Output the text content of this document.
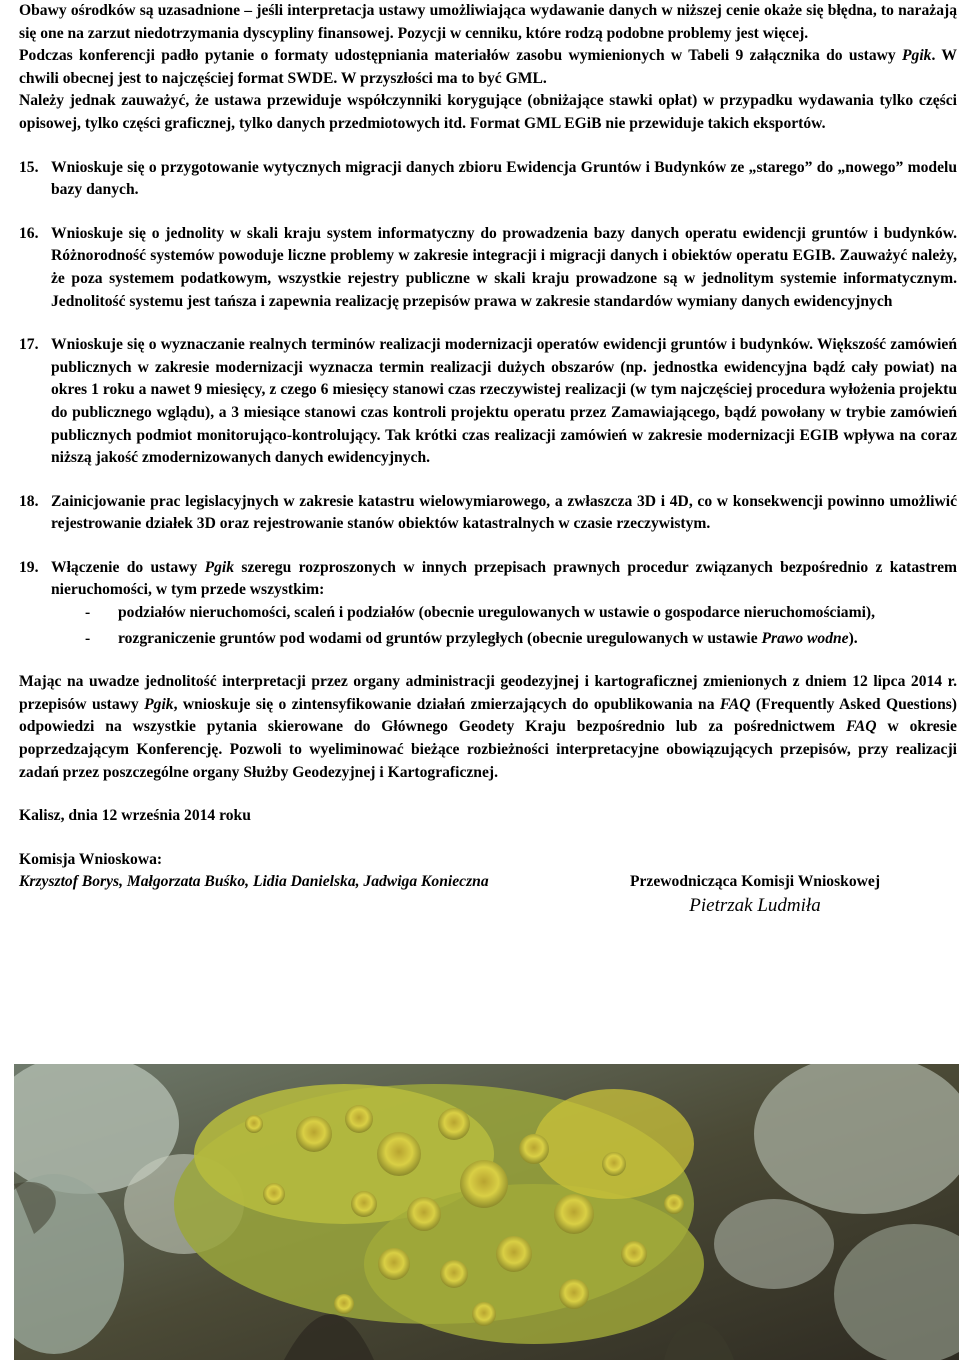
Obawy ośrodków są uzasadnione – jeśli interpretacja ustawy umożliwiająca wydawanie danych w niższej cenie okaże się błędna, to narażają się one na zarzut niedotrzymania dyscypliny finansowej. Pozycji w cenniku, które rodzą podobne problemy jest więcej.

Podczas konferencji padło pytanie o formaty udostępniania materiałów zasobu wymienionych w Tabeli 9 załącznika do ustawy Pgik. W chwili obecnej jest to najczęściej format SWDE. W przyszłości ma to być GML.

Należy jednak zauważyć, że ustawa przewiduje współczynniki korygujące (obniżające stawki opłat) w przypadku wydawania tylko części opisowej, tylko części graficznej, tylko danych przedmiotowych itd. Format GML EGiB nie przewiduje takich eksportów.

15. Wnioskuje się o przygotowanie wytycznych migracji danych zbioru Ewidencja Gruntów i Budynków ze „starego” do „nowego” modelu bazy danych.
16. Wnioskuje się o jednolity w skali kraju system informatyczny do prowadzenia bazy danych operatu ewidencji gruntów i budynków. Różnorodność systemów powoduje liczne problemy w zakresie integracji i migracji danych i obiektów operatu EGIB. Zauważyć należy, że poza systemem podatkowym, wszystkie rejestry publiczne w skali kraju prowadzone są w jednolitym systemie informatycznym. Jednolitość systemu jest tańsza i zapewnia realizację przepisów prawa w zakresie standardów wymiany danych ewidencyjnych
17. Wnioskuje się o wyznaczanie realnych terminów realizacji modernizacji operatów ewidencji gruntów i budynków. Większość zamówień publicznych w zakresie modernizacji wyznacza termin realizacji dużych obszarów (np. jednostka ewidencyjna bądź cały powiat) na okres 1 roku a nawet 9 miesięcy, z czego 6 miesięcy stanowi czas rzeczywistej realizacji (w tym najczęściej procedura wyłożenia projektu do publicznego wglądu), a 3 miesiące stanowi czas kontroli projektu operatu przez Zamawiającego, bądź powołany w trybie zamówień publicznych podmiot monitorująco-kontrolujący. Tak krótki czas realizacji zamówień w zakresie modernizacji EGIB wpływa na coraz niższą jakość zmodernizowanych danych ewidencyjnych.
18. Zainicjowanie prac legislacyjnych w zakresie katastru wielowymiarowego, a zwłaszcza 3D i 4D, co w konsekwencji powinno umożliwić rejestrowanie działek 3D oraz rejestrowanie stanów obiektów katastralnych w czasie rzeczywistym.
19. Włączenie do ustawy Pgik szeregu rozproszonych w innych przepisach prawnych procedur związanych bezpośrednio z katastrem nieruchomości, w tym przede wszystkim:
- podziałów nieruchomości, scaleń i podziałów (obecnie uregulowanych w ustawie o gospodarce nieruchomościami),
- rozgraniczenie gruntów pod wodami od gruntów przyległych (obecnie uregulowanych w ustawie Prawo wodne).

Mając na uwadze jednolitość interpretacji przez organy administracji geodezyjnej i kartograficznej zmienionych z dniem 12 lipca 2014 r. przepisów ustawy Pgik, wnioskuje się o zintensyfikowanie działań zmierzających do opublikowania na FAQ (Frequently Asked Questions) odpowiedzi na wszystkie pytania skierowane do Głównego Geodety Kraju bezpośrednio lub za pośrednictwem FAQ w okresie poprzedzającym Konferencję. Pozwoli to wyeliminować bieżące rozbieżności interpretacyjne obowiązujących przepisów, przy realizacji zadań przez poszczególne organy Służby Geodezyjnej i Kartograficznej.

Kalisz, dnia 12 września 2014 roku

Komisja Wnioskowa:

Krzysztof Borys, Małgorzata Buśko, Lidia Danielska, Jadwiga Konieczna	Przewodnicząca Komisji Wnioskowej
Pietrzak Ludmiła
